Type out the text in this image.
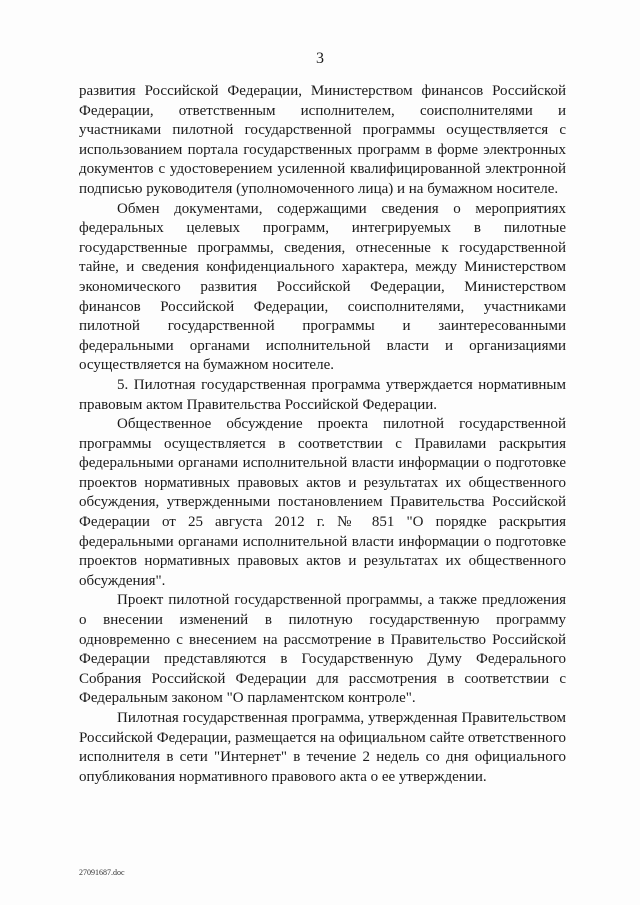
3

развития Российской Федерации, Министерством финансов Российской Федерации, ответственным исполнителем, соисполнителями и участниками пилотной государственной программы осуществляется с использованием портала государственных программ в форме электронных документов с удостоверением усиленной квалифицированной электронной подписью руководителя (уполномоченного лица) и на бумажном носителе.

Обмен документами, содержащими сведения о мероприятиях федеральных целевых программ, интегрируемых в пилотные государственные программы, сведения, отнесенные к государственной тайне, и сведения конфиденциального характера, между Министерством экономического развития Российской Федерации, Министерством финансов Российской Федерации, соисполнителями, участниками пилотной государственной программы и заинтересованными федеральными органами исполнительной власти и организациями осуществляется на бумажном носителе.

5. Пилотная государственная программа утверждается нормативным правовым актом Правительства Российской Федерации.

Общественное обсуждение проекта пилотной государственной программы осуществляется в соответствии с Правилами раскрытия федеральными органами исполнительной власти информации о подготовке проектов нормативных правовых актов и результатах их общественного обсуждения, утвержденными постановлением Правительства Российской Федерации от 25 августа 2012 г. № 851 "О порядке раскрытия федеральными органами исполнительной власти информации о подготовке проектов нормативных правовых актов и результатах их общественного обсуждения".

Проект пилотной государственной программы, а также предложения о внесении изменений в пилотную государственную программу одновременно с внесением на рассмотрение в Правительство Российской Федерации представляются в Государственную Думу Федерального Собрания Российской Федерации для рассмотрения в соответствии с Федеральным законом "О парламентском контроле".

Пилотная государственная программа, утвержденная Правительством Российской Федерации, размещается на официальном сайте ответственного исполнителя в сети "Интернет" в течение 2 недель со дня официального опубликования нормативного правового акта о ее утверждении.

27091687.doc
